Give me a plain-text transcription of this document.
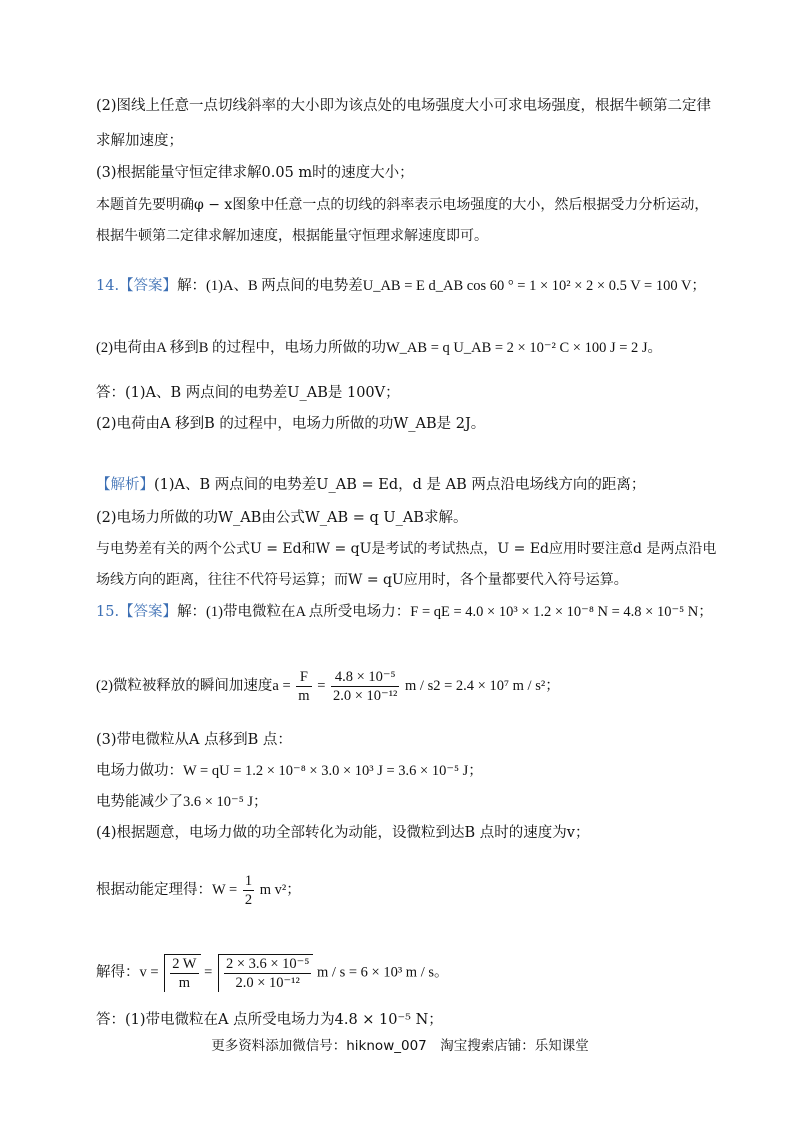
(2)图线上任意一点切线斜率的大小即为该点处的电场强度大小可求电场强度，根据牛顿第二定律
求解加速度；
(3)根据能量守恒定律求解0.05 m时的速度大小；
本题首先要明确φ − x图象中任意一点的切线的斜率表示电场强度的大小，然后根据受力分析运动，
根据牛顿第二定律求解加速度，根据能量守恒理求解速度即可。
14.【答案】解：(1)A、B 两点间的电势差U_AB = E d_AB cos 60 ° = 1 × 10² × 2 × 0.5 V = 100 V；
(2)电荷由A 移到B 的过程中，电场力所做的功W_AB = q U_AB = 2 × 10⁻² C × 100 J = 2 J。
答：(1)A、B 两点间的电势差U_AB是 100V；
(2)电荷由A 移到B 的过程中，电场力所做的功W_AB是 2J。
【解析】(1)A、B 两点间的电势差U_AB = Ed，d 是 AB 两点沿电场线方向的距离；
(2)电场力所做的功W_AB由公式W_AB = q U_AB求解。
与电势差有关的两个公式U = Ed和W = qU是考试的考试热点，U = Ed应用时要注意d 是两点沿电
场线方向的距离，往往不代符号运算；而W = qU应用时，各个量都要代入符号运算。
15.【答案】解：(1)带电微粒在A 点所受电场力：F = qE = 4.0 × 10³ × 1.2 × 10⁻⁸ N = 4.8 × 10⁻⁵ N；
(2)微粒被释放的瞬间加速度$a = \frac{F}{m} = \frac{\text{4.8 × 10⁻⁵}}{\text{2.0 × 10⁻¹²}}$ m / s2 = 2.4 × 10⁷ m / s²；
(3)带电微粒从A 点移到B 点：
电场力做功：W = qU = 1.2 × 10⁻⁸ × 3.0 × 10³ J = 3.6 × 10⁻⁵ J；
电势能减少了3.6 × 10⁻⁵ J；
(4)根据题意，电场力做的功全部转化为动能，设微粒到达B 点时的速度为v；
根据动能定理得：$W = \frac{1}{2}$ m v²；
解得：$v = \frac{2 W}{m} = \frac{\text{2 × 3.6 × 10⁻⁵}}{\text{2.0 × 10⁻¹²}}$ m / s = 6 × 10³ m / s。
答：(1)带电微粒在A 点所受电场力为4.8 × 10⁻⁵ N；
更多资料添加微信号：hiknow_007　淘宝搜索店铺：乐知课堂
